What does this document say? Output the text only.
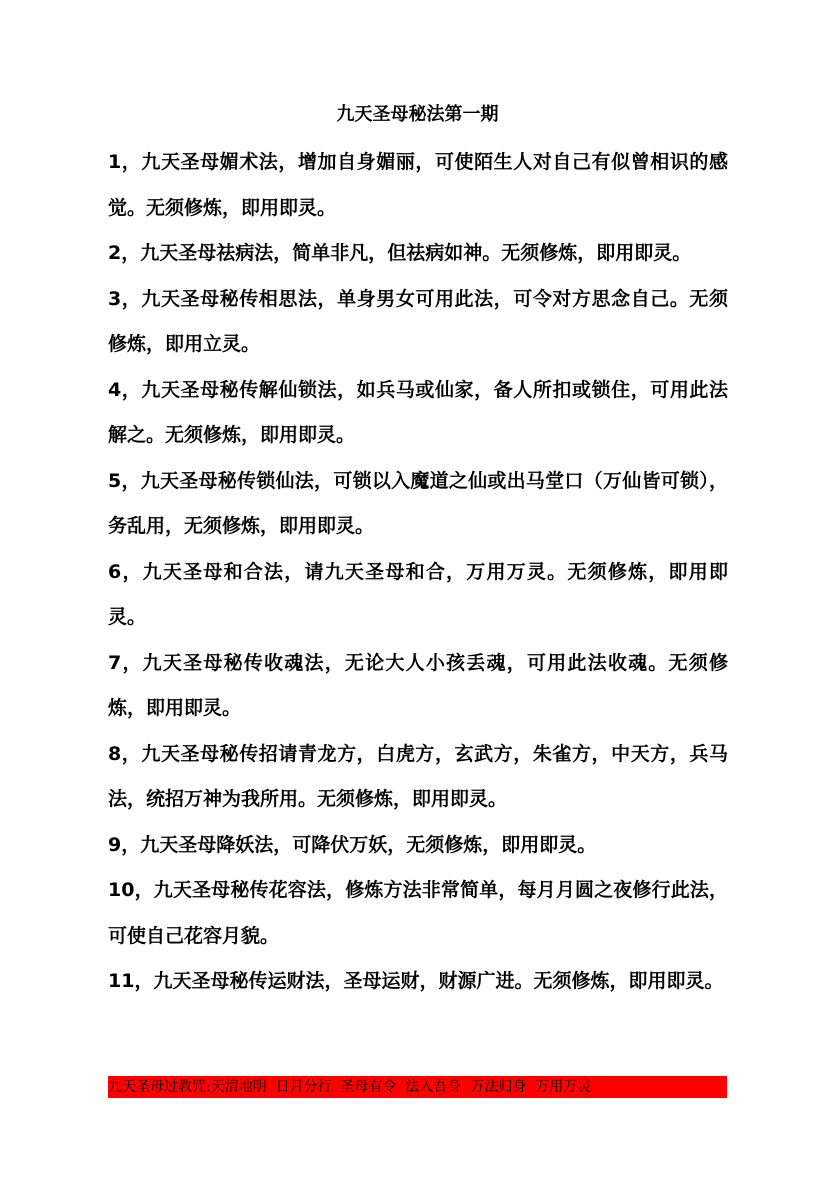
九天圣母秘法第一期

1，九天圣母媚术法，增加自身媚丽，可使陌生人对自己有似曾相识的感觉。无须修炼，即用即灵。

2，九天圣母祛病法，简单非凡，但祛病如神。无须修炼，即用即灵。

3，九天圣母秘传相思法，单身男女可用此法，可令对方思念自己。无须修炼，即用立灵。

4，九天圣母秘传解仙锁法，如兵马或仙家，备人所扣或锁住，可用此法解之。无须修炼，即用即灵。

5，九天圣母秘传锁仙法，可锁以入魔道之仙或出马堂口（万仙皆可锁），务乱用，无须修炼，即用即灵。

6，九天圣母和合法，请九天圣母和合，万用万灵。无须修炼，即用即灵。

7，九天圣母秘传收魂法，无论大人小孩丢魂，可用此法收魂。无须修炼，即用即灵。

8，九天圣母秘传招请青龙方，白虎方，玄武方，朱雀方，中天方，兵马法，统招万神为我所用。无须修炼，即用即灵。

9，九天圣母降妖法，可降伏万妖，无须修炼，即用即灵。

10，九天圣母秘传花容法，修炼方法非常简单，每月月圆之夜修行此法，可使自己花容月貌。

11，九天圣母秘传运财法，圣母运财，财源广进。无须修炼，即用即灵。

九天圣母过教咒:天清地明  日月分行  圣母有令  法入吾身  万法归身  万用万灵
